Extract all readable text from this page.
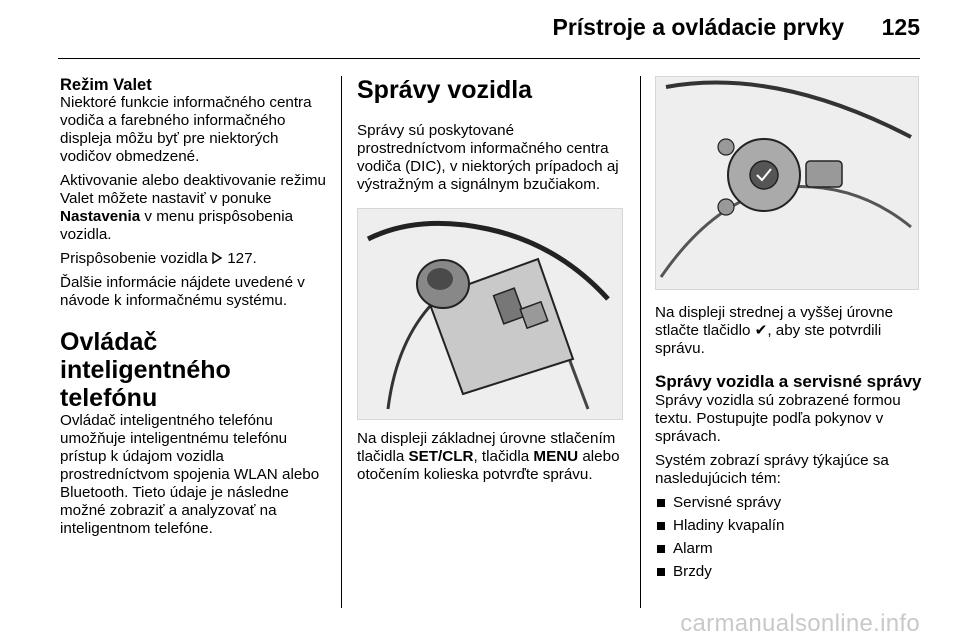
Prístroje a ovládacie prvky 125
Režim Valet

Niektoré funkcie informačného centra vodiča a farebného informačného displeja môžu byť pre niektorých vodičov obmedzené.

Aktivovanie alebo deaktivovanie režimu Valet môžete nastaviť v ponuke Nastavenia v menu prispôsobenia vozidla.

Prispôsobenie vozidla  127.

Ďalšie informácie nájdete uvedené v návode k informačnému systému.

Ovládač inteligentného telefónu

Ovládač inteligentného telefónu umožňuje inteligentnému telefónu prístup k údajom vozidla prostredníctvom spojenia WLAN alebo Bluetooth. Tieto údaje je následne možné zobraziť a analyzovať na inteligentnom telefóne.

Správy vozidla

Správy sú poskytované prostredníctvom informačného centra vodiča (DIC), v niektorých prípadoch aj výstražným a signálnym bzučiakom.

Na displeji základnej úrovne stlačením tlačidla SET/CLR, tlačidla MENU alebo otočením kolieska potvrďte správu.

Na displeji strednej a vyššej úrovne stlačte tlačidlo ✔, aby ste potvrdili správu.

Správy vozidla a servisné správy

Správy vozidla sú zobrazené formou textu. Postupujte podľa pokynov v správach.

Systém zobrazí správy týkajúce sa nasledujúcich tém:

Servisné správy
Hladiny kvapalín
Alarm
Brzdy
carmanualsonline.info
